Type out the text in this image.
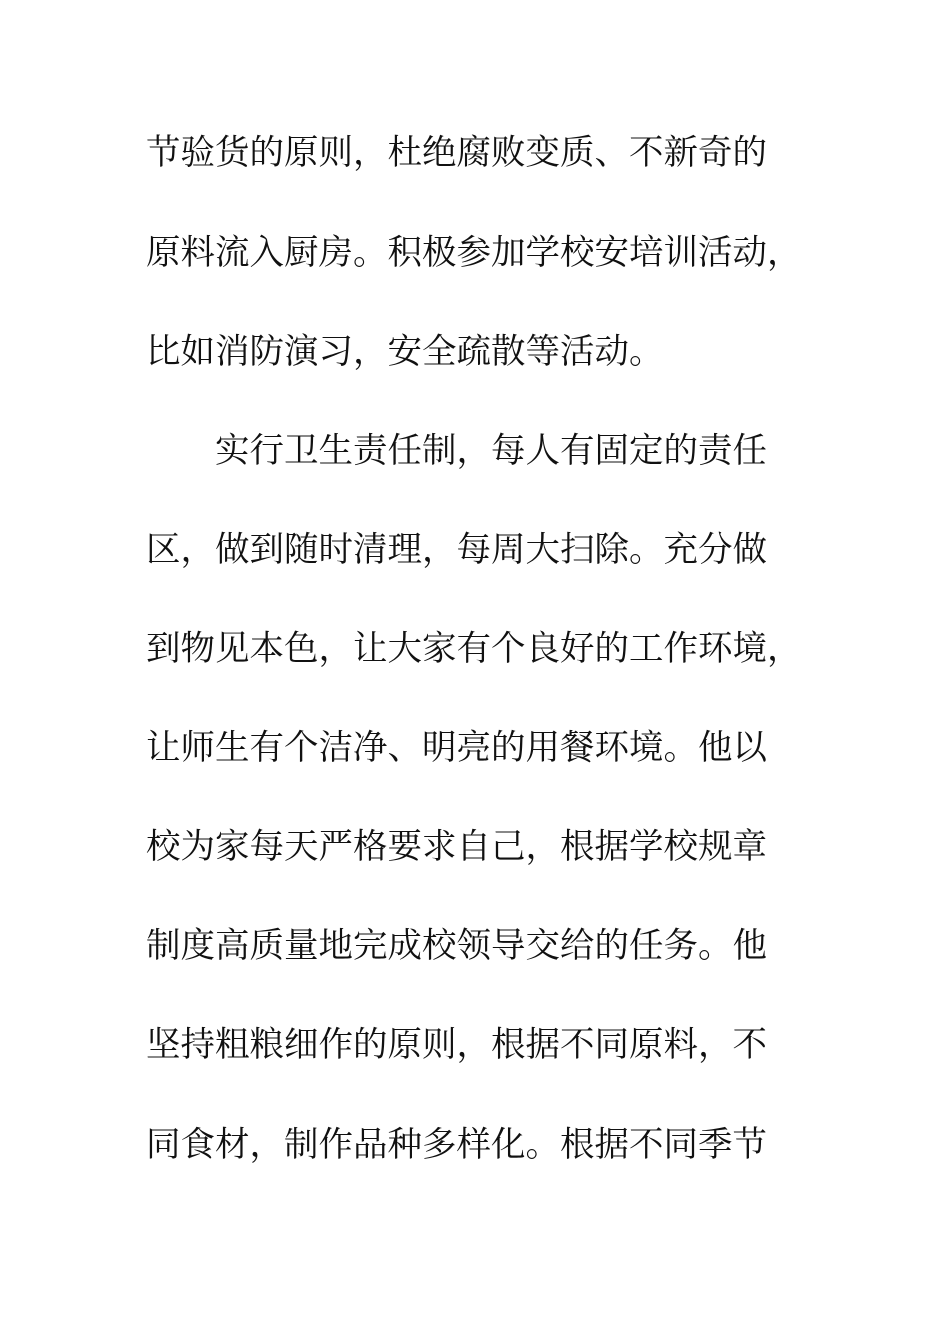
节验货的原则，杜绝腐败变质、不新奇的
原料流入厨房。积极参加学校安培训活动，
比如消防演习，安全疏散等活动。
实行卫生责任制，每人有固定的责任
区，做到随时清理，每周大扫除。充分做
到物见本色，让大家有个良好的工作环境，
让师生有个洁净、明亮的用餐环境。他以
校为家每天严格要求自己，根据学校规章
制度高质量地完成校领导交给的任务。他
坚持粗粮细作的原则，根据不同原料，不
同食材，制作品种多样化。根据不同季节
